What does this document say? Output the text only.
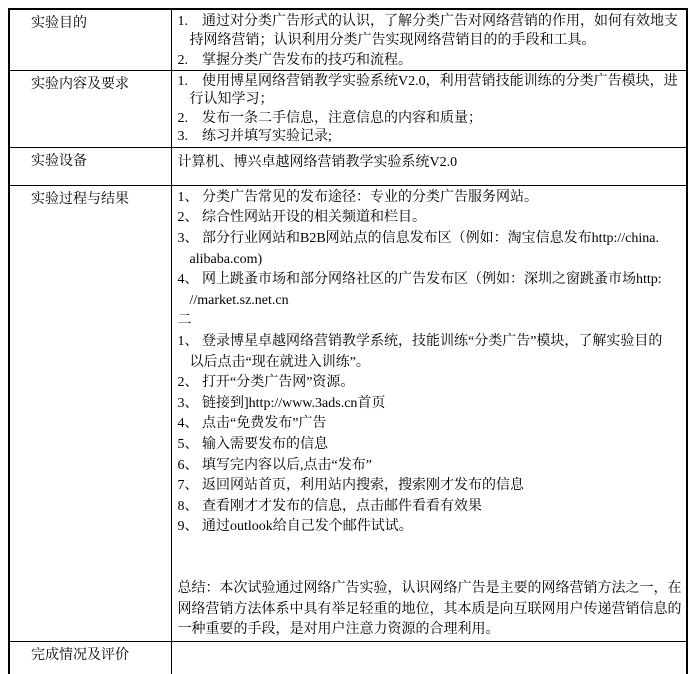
实验目的	1.　通过对分类广告形式的认识，了解分类广告对网络营销的作用，如何有效地支
持网络营销；认识利用分类广告实现网络营销目的的手段和工具。
2.　掌握分类广告发布的技巧和流程。

实验内容及要求	1.　使用博星网络营销教学实验系统V2.0，利用营销技能训练的分类广告模块，进
行认知学习；
2.　发布一条二手信息，注意信息的内容和质量；
3.　练习并填写实验记录;

实验设备	计算机、博兴卓越网络营销教学实验系统V2.0

实验过程与结果	1、 分类广告常见的发布途径：专业的分类广告服务网站。
2、 综合性网站开设的相关频道和栏目。
3、 部分行业网站和B2B网站点的信息发布区（例如：淘宝信息发布http://china.
alibaba.com)
4、 网上跳蚤市场和部分网络社区的广告发布区（例如：深圳之窗跳蚤市场http:
//market.sz.net.cn
二
1、 登录博星卓越网络营销教学系统，技能训练“分类广告”模块，了解实验目的
以后点击“现在就进入训练”。
2、 打开“分类广告网”资源。
3、 链接到]http://www.3ads.cn首页
4、 点击“免费发布”广告
5、 输入需要发布的信息
6、 填写完内容以后,点击“发布”
7、 返回网站首页，利用站内搜索，搜索刚才发布的信息
8、 查看刚才才发布的信息，点击邮件看看有效果
9、 通过outlook给自己发个邮件试试。
总结：本次试验通过网络广告实验，认识网络广告是主要的网络营销方法之一，在
网络营销方法体系中具有举足轻重的地位，其本质是向互联网用户传递营销信息的
一种重要的手段，是对用户注意力资源的合理利用。

完成情况及评价	
